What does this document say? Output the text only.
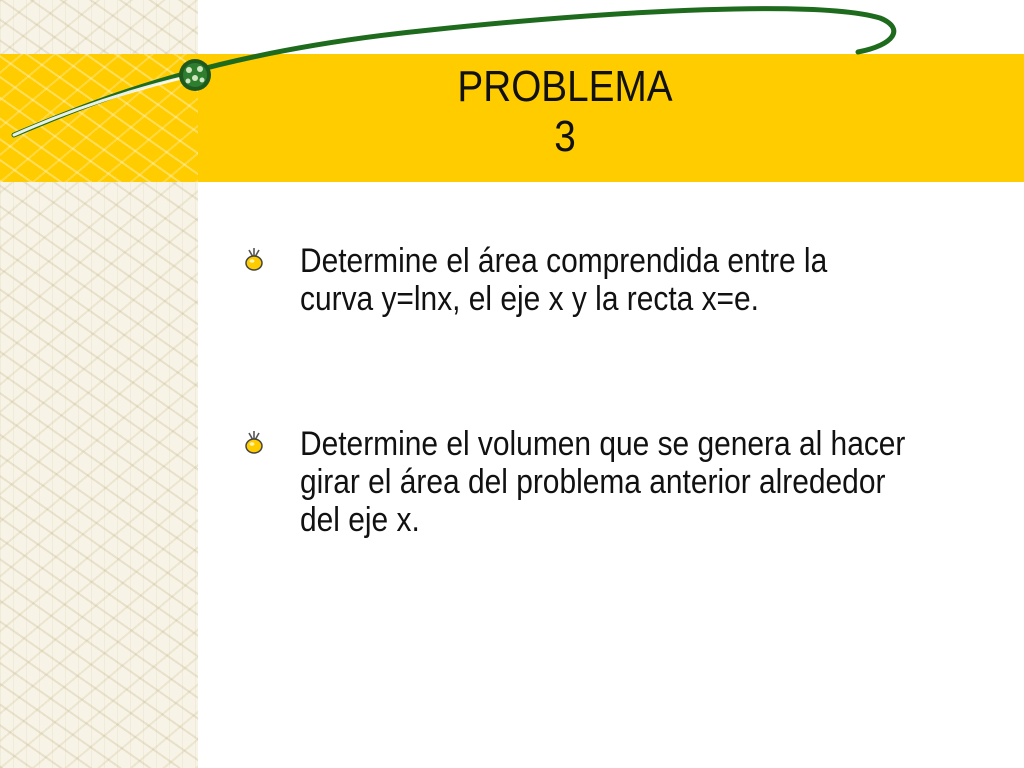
PROBLEMA
3
Determine el área comprendida entre la
curva y=lnx, el eje x y la recta x=e.
Determine el volumen que se genera al hacer
girar el área del problema anterior alrededor
del eje x.
